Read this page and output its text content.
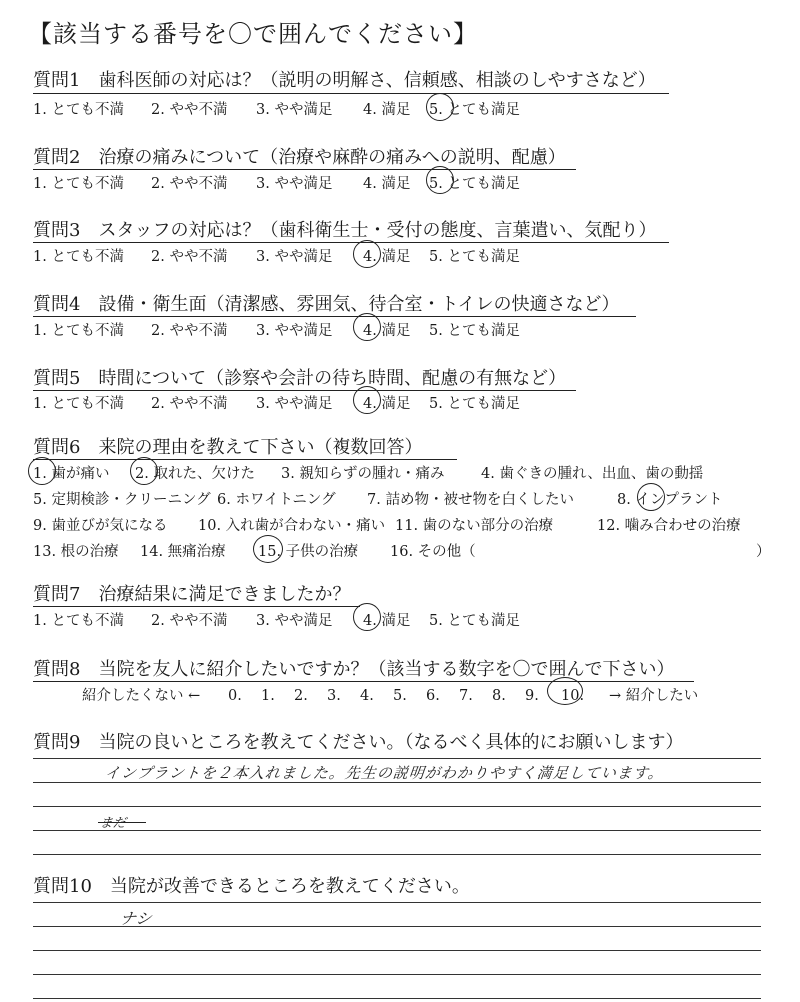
【該当する番号を〇で囲んでください】
質問1　歯科医師の対応は？（説明の明解さ、信頼感、相談のしやすさなど）
1. とても不満 2. やや不満 3. やや満足 4. 満足 5. とても満足
質問2　治療の痛みについて（治療や麻酔の痛みへの説明、配慮）
1. とても不満 2. やや不満 3. やや満足 4. 満足 5. とても満足
質問3　スタッフの対応は？（歯科衛生士・受付の態度、言葉遣い、気配り）
1. とても不満 2. やや不満 3. やや満足 4. 満足 5. とても満足
質問4　設備・衛生面（清潔感、雰囲気、待合室・トイレの快適さなど）
1. とても不満 2. やや不満 3. やや満足 4. 満足 5. とても満足
質問5　時間について（診察や会計の待ち時間、配慮の有無など）
1. とても不満 2. やや不満 3. やや満足 4. 満足 5. とても満足
質問6　来院の理由を教えて下さい（複数回答）
1. 歯が痛い 2. 取れた、欠けた 3. 親知らずの腫れ・痛み	4. 歯ぐきの腫れ、出血、歯の動揺
5. 定期検診・クリーニング 6. ホワイトニング 7. 詰め物・被せ物を白くしたい	8. インプラント
9. 歯並びが気になる 10. 入れ歯が合わない・痛い 11. 歯のない部分の治療	12. 噛み合わせの治療
13. 根の治療 14. 無痛治療 15. 子供の治療 16. その他（	）
質問7　治療結果に満足できましたか？
1. とても不満 2. やや不満 3. やや満足 4. 満足 5. とても満足
質問8　当院を友人に紹介したいですか？（該当する数字を〇で囲んで下さい）
紹介したくない ← 0. 1. 2. 3. 4. 5. 6. 7. 8. 9. 10. → 紹介したい
質問9　当院の良いところを教えてください。（なるべく具体的にお願いします）
インプラントを２本入れました。先生の説明がわかりやすく満足しています。
まだ
質問10　当院が改善できるところを教えてください。
ナシ
